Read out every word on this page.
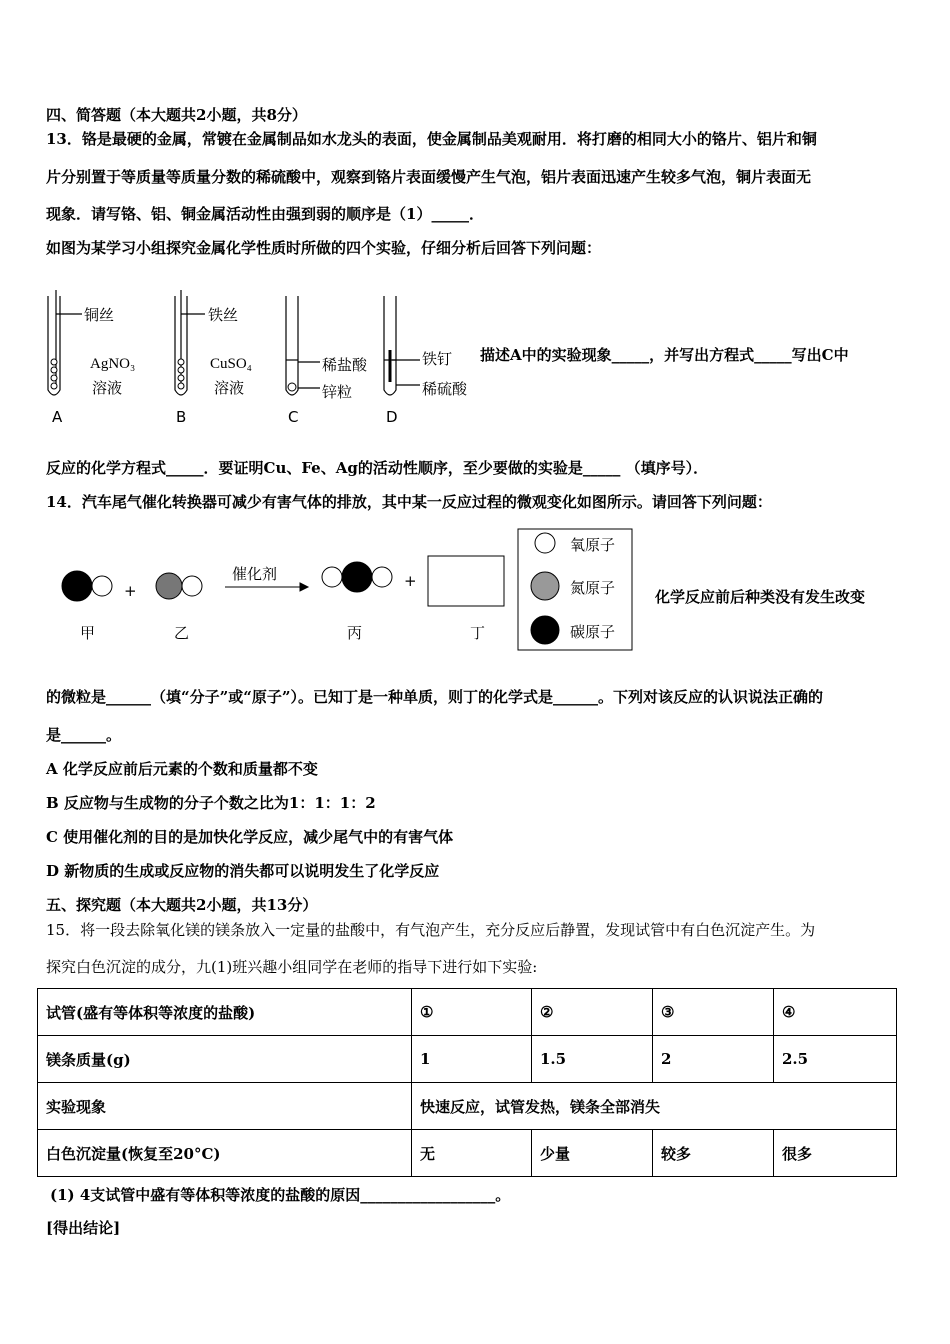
四、简答题（本大题共2小题，共8分）
13．铬是最硬的金属，常镀在金属制品如水龙头的表面，使金属制品美观耐用．将打磨的相同大小的铬片、铝片和铜
片分别置于等质量等质量分数的稀硫酸中，观察到铬片表面缓慢产生气泡，铝片表面迅速产生较多气泡，铜片表面无
现象．请写铬、铝、铜金属活动性由强到弱的顺序是（1）_____．
如图为某学习小组探究金属化学性质时所做的四个实验，仔细分析后回答下列问题：
铜丝
AgNO₃
溶液
A
铁丝
CuSO₄
溶液
B
稀盐酸
锌粒
C
铁钉
稀硫酸
D
描述A中的实验现象_____，并写出方程式_____写出C中
反应的化学方程式_____．要证明Cu、Fe、Ag的活动性顺序，至少要做的实验是_____ （填序号）．
14．汽车尾气催化转换器可减少有害气体的排放，其中某一反应过程的微观变化如图所示。请回答下列问题：
+
+
催化剂
甲	乙	丙	丁
氧原子
氮原子
碳原子
化学反应前后种类没有发生改变
的微粒是______（填“分子”或“原子”）。已知丁是一种单质，则丁的化学式是______。下列对该反应的认识说法正确的
是______。
A 化学反应前后元素的个数和质量都不变
B 反应物与生成物的分子个数之比为1：1：1：2
C 使用催化剂的目的是加快化学反应，减少尾气中的有害气体
D 新物质的生成或反应物的消失都可以说明发生了化学反应
五、探究题（本大题共2小题，共13分）
15．将一段去除氧化镁的镁条放入一定量的盐酸中，有气泡产生，充分反应后静置，发现试管中有白色沉淀产生。为
探究白色沉淀的成分，九(1)班兴趣小组同学在老师的指导下进行如下实验:
试管(盛有等体积等浓度的盐酸)	①	②	③	④
镁条质量(g)	1	1.5	2	2.5
实验现象	快速反应，试管发热，镁条全部消失			
白色沉淀量(恢复至20°C)	无	少量	较多	很多
(1) 4支试管中盛有等体积等浓度的盐酸的原因__________________。
[得出结论]
